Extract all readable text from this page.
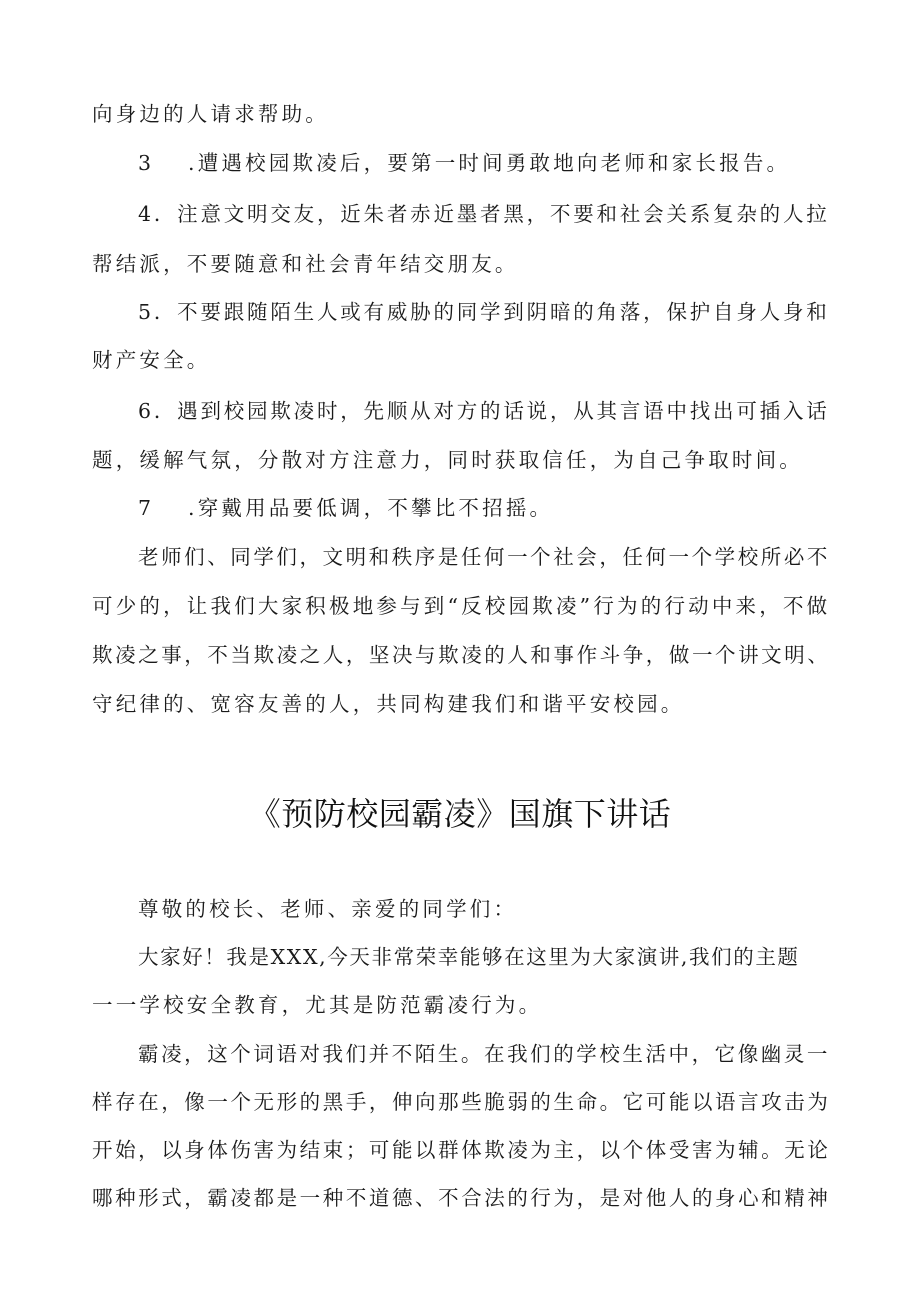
向身边的人请求帮助。
3 .遭遇校园欺凌后，要第一时间勇敢地向老师和家长报告。
4．注意文明交友，近朱者赤近墨者黑，不要和社会关系复杂的人拉
帮结派，不要随意和社会青年结交朋友。
5．不要跟随陌生人或有威胁的同学到阴暗的角落，保护自身人身和
财产安全。
6．遇到校园欺凌时，先顺从对方的话说，从其言语中找出可插入话
题，缓解气氛，分散对方注意力，同时获取信任，为自己争取时间。
7 .穿戴用品要低调，不攀比不招摇。
老师们、同学们，文明和秩序是任何一个社会，任何一个学校所必不
可少的，让我们大家积极地参与到“反校园欺凌”行为的行动中来，不做
欺凌之事，不当欺凌之人，坚决与欺凌的人和事作斗争，做一个讲文明、
守纪律的、宽容友善的人，共同构建我们和谐平安校园。
《预防校园霸凌》国旗下讲话
尊敬的校长、老师、亲爱的同学们：
大家好！我是XXX,今天非常荣幸能够在这里为大家演讲,我们的主题
一一学校安全教育，尤其是防范霸凌行为。
霸凌，这个词语对我们并不陌生。在我们的学校生活中，它像幽灵一
样存在，像一个无形的黑手，伸向那些脆弱的生命。它可能以语言攻击为
开始，以身体伤害为结束；可能以群体欺凌为主，以个体受害为辅。无论
哪种形式，霸凌都是一种不道德、不合法的行为，是对他人的身心和精神
